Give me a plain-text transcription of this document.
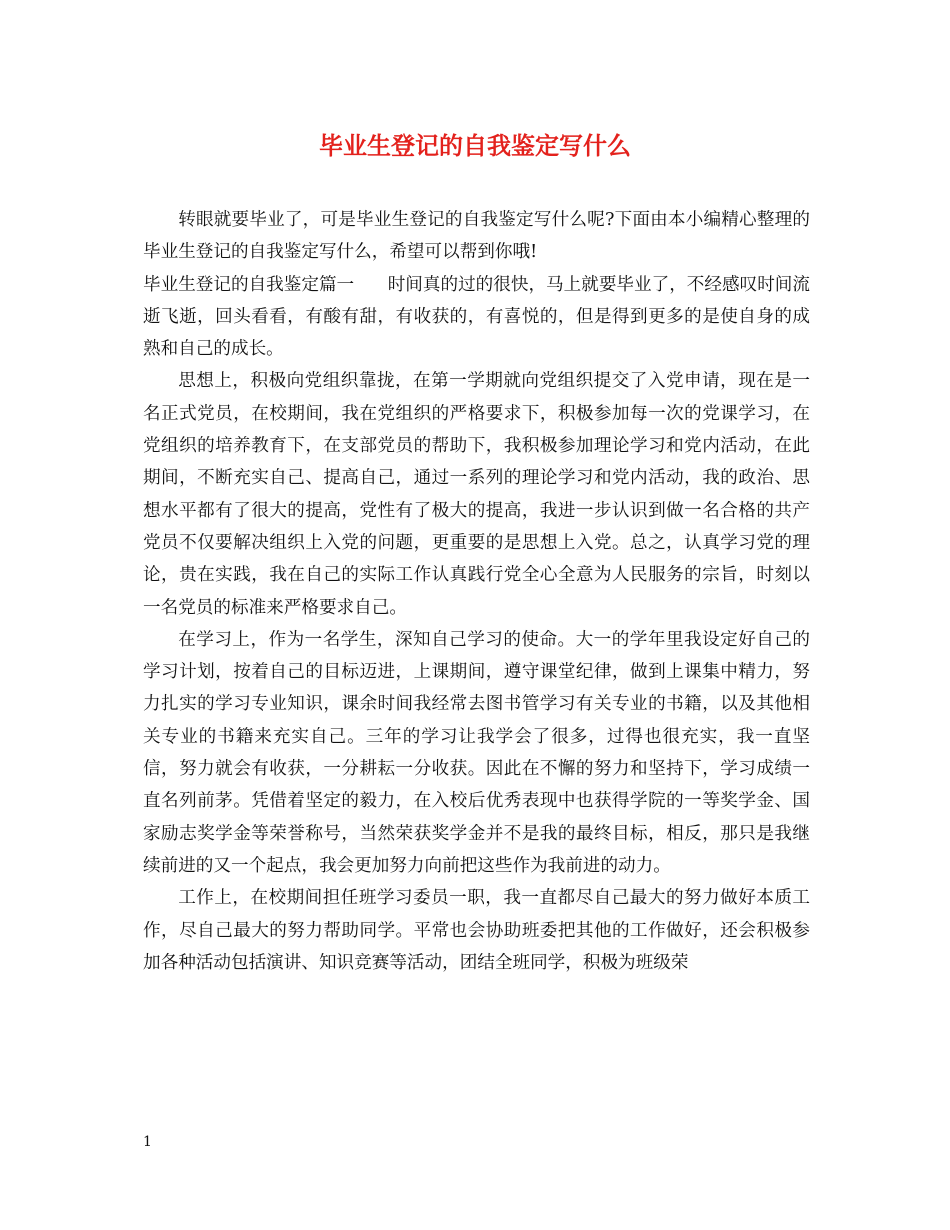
毕业生登记的自我鉴定写什么

转眼就要毕业了，可是毕业生登记的自我鉴定写什么呢?下面由本小编精心整理的毕业生登记的自我鉴定写什么，希望可以帮到你哦!

毕业生登记的自我鉴定篇一 时间真的过的很快，马上就要毕业了，不经感叹时间流逝飞逝，回头看看，有酸有甜，有收获的，有喜悦的，但是得到更多的是使自身的成熟和自己的成长。

思想上，积极向党组织靠拢，在第一学期就向党组织提交了入党申请，现在是一名正式党员，在校期间，我在党组织的严格要求下，积极参加每一次的党课学习，在党组织的培养教育下，在支部党员的帮助下，我积极参加理论学习和党内活动，在此期间，不断充实自己、提高自己，通过一系列的理论学习和党内活动，我的政治、思想水平都有了很大的提高，党性有了极大的提高，我进一步认识到做一名合格的共产党员不仅要解决组织上入党的问题，更重要的是思想上入党。总之，认真学习党的理论，贵在实践，我在自己的实际工作认真践行党全心全意为人民服务的宗旨，时刻以一名党员的标准来严格要求自己。

在学习上，作为一名学生，深知自己学习的使命。大一的学年里我设定好自己的学习计划，按着自己的目标迈进，上课期间，遵守课堂纪律，做到上课集中精力，努力扎实的学习专业知识，课余时间我经常去图书管学习有关专业的书籍，以及其他相关专业的书籍来充实自己。三年的学习让我学会了很多，过得也很充实，我一直坚信，努力就会有收获，一分耕耘一分收获。因此在不懈的努力和坚持下，学习成绩一直名列前茅。凭借着坚定的毅力，在入校后优秀表现中也获得学院的一等奖学金、国家励志奖学金等荣誉称号，当然荣获奖学金并不是我的最终目标，相反，那只是我继续前进的又一个起点，我会更加努力向前把这些作为我前进的动力。

工作上，在校期间担任班学习委员一职，我一直都尽自己最大的努力做好本质工作，尽自己最大的努力帮助同学。平常也会协助班委把其他的工作做好，还会积极参加各种活动包括演讲、知识竞赛等活动，团结全班同学，积极为班级荣

1
